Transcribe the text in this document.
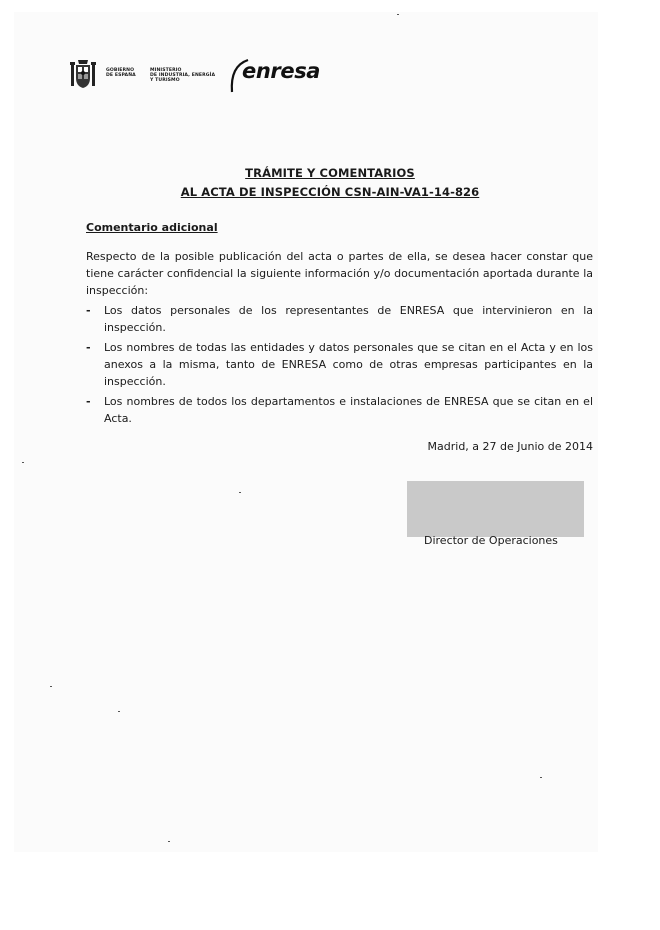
GOBIERNO
DE ESPAÑA
MINISTERIO
DE INDUSTRIA, ENERGÍA
Y TURISMO	enresa
TRÁMITE Y COMENTARIOS
AL ACTA DE INSPECCIÓN CSN-AIN-VA1-14-826
Comentario adicional

Respecto de la posible publicación del acta o partes de ella, se desea hacer constar que tiene carácter confidencial la siguiente información y/o documentación aportada durante la inspección:

- Los datos personales de los representantes de ENRESA que intervinieron en la inspección.
- Los nombres de todas las entidades y datos personales que se citan en el Acta y en los anexos a la misma, tanto de ENRESA como de otras empresas participantes en la inspección.
- Los nombres de todos los departamentos e instalaciones de ENRESA que se citan en el Acta.
Madrid, a 27 de Junio de 2014
Director de Operaciones
